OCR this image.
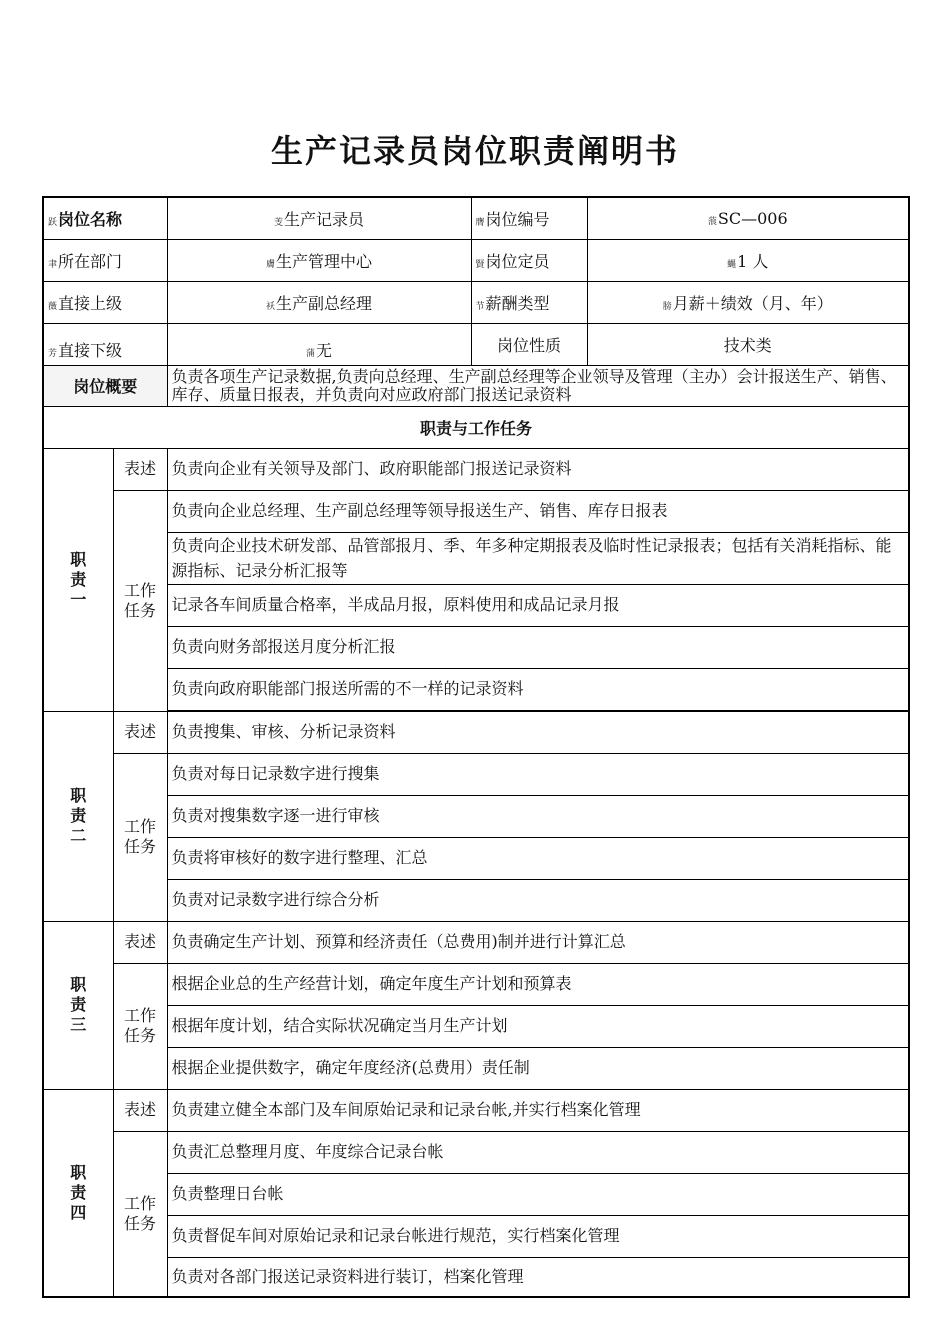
生产记录员岗位职责阐明书
跃岗位名称		芰生产记录员	膺岗位编号	蒗SC—006
聿所在部门		膚生产管理中心	賢岗位定员	蝿1 人
薇直接上级		袄生产副总经理	节薪酬类型	膀月薪＋绩效（月、年）
芳直接下级		蒲无	岗位性质	技术类
岗位概要		负责各项生产记录数据,负责向总经理、生产副总经理等企业领导及管理（主办）会计报送生产、销售、库存、质量日报表，并负责向对应政府部门报送记录资料		
职责与工作任务				
职责一	表述	负责向企业有关领导及部门、政府职能部门报送记录资料		
	工作任务	负责向企业总经理、生产副总经理等领导报送生产、销售、库存日报表		
		负责向企业技术研发部、品管部报月、季、年多种定期报表及临时性记录报表；包括有关消耗指标、能源指标、记录分析汇报等		
		记录各车间质量合格率，半成品月报，原料使用和成品记录月报		
		负责向财务部报送月度分析汇报		
		负责向政府职能部门报送所需的不一样的记录资料		

职责二	表述	负责搜集、审核、分析记录资料		
	工作任务	负责对每日记录数字进行搜集		
		负责对搜集数字逐一进行审核		
		负责将审核好的数字进行整理、汇总		
		负责对记录数字进行综合分析		
职责三	表述	负责确定生产计划、预算和经济责任（总费用)制并进行计算汇总		
	工作任务	根据企业总的生产经营计划，确定年度生产计划和预算表		
		根据年度计划，结合实际状况确定当月生产计划		
		根据企业提供数字，确定年度经济(总费用）责任制		
职责四	表述	负责建立健全本部门及车间原始记录和记录台帐,并实行档案化管理		
	工作任务	负责汇总整理月度、年度综合记录台帐		
		负责整理日台帐		
		负责督促车间对原始记录和记录台帐进行规范，实行档案化管理		
		负责对各部门报送记录资料进行装订，档案化管理		
